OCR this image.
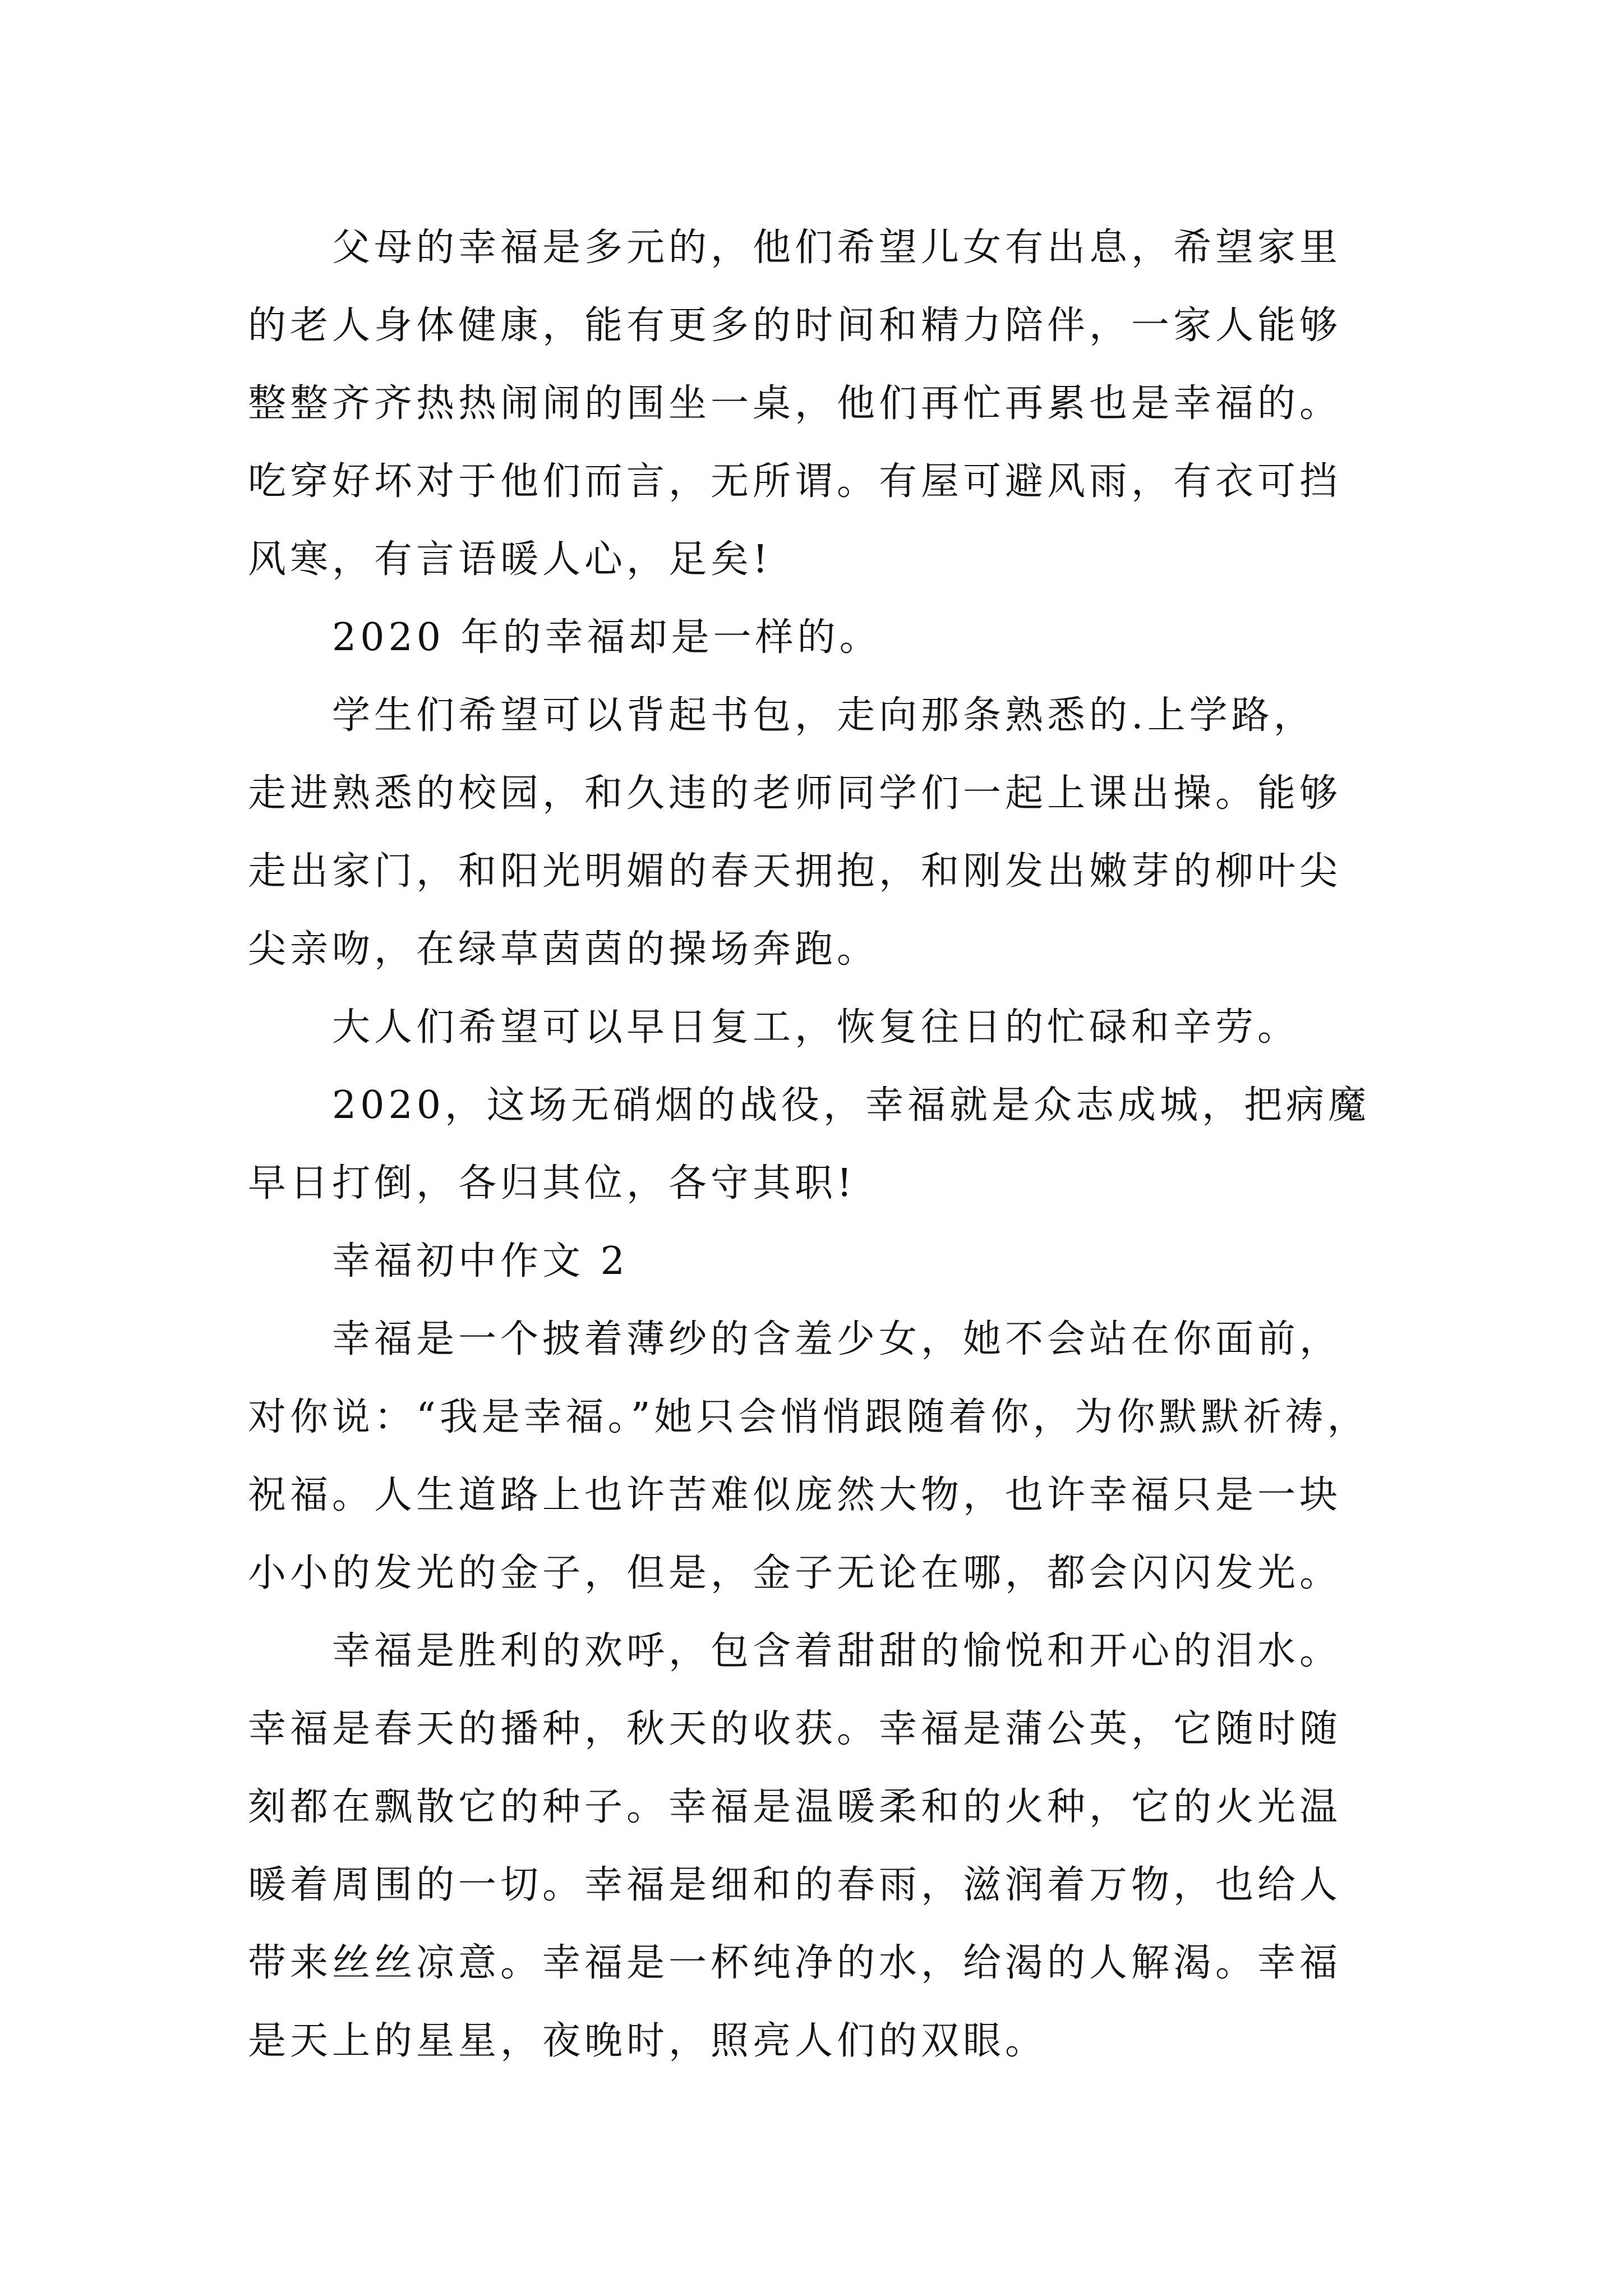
父母的幸福是多元的，他们希望儿女有出息，希望家里
的老人身体健康，能有更多的时间和精力陪伴，一家人能够
整整齐齐热热闹闹的围坐一桌，他们再忙再累也是幸福的。
吃穿好坏对于他们而言，无所谓。有屋可避风雨，有衣可挡
风寒，有言语暖人心，足矣!
2020 年的幸福却是一样的。
学生们希望可以背起书包，走向那条熟悉的.上学路，
走进熟悉的校园，和久违的老师同学们一起上课出操。能够
走出家门，和阳光明媚的春天拥抱，和刚发出嫩芽的柳叶尖
尖亲吻，在绿草茵茵的操场奔跑。
大人们希望可以早日复工，恢复往日的忙碌和辛劳。
2020，这场无硝烟的战役，幸福就是众志成城，把病魔
早日打倒，各归其位，各守其职!
幸福初中作文 2
幸福是一个披着薄纱的含羞少女，她不会站在你面前，
对你说：“我是幸福。”她只会悄悄跟随着你，为你默默祈祷，
祝福。人生道路上也许苦难似庞然大物，也许幸福只是一块
小小的发光的金子，但是，金子无论在哪，都会闪闪发光。
幸福是胜利的欢呼，包含着甜甜的愉悦和开心的泪水。
幸福是春天的播种，秋天的收获。幸福是蒲公英，它随时随
刻都在飘散它的种子。幸福是温暖柔和的火种，它的火光温
暖着周围的一切。幸福是细和的春雨，滋润着万物，也给人
带来丝丝凉意。幸福是一杯纯净的水，给渴的人解渴。幸福
是天上的星星，夜晚时，照亮人们的双眼。
